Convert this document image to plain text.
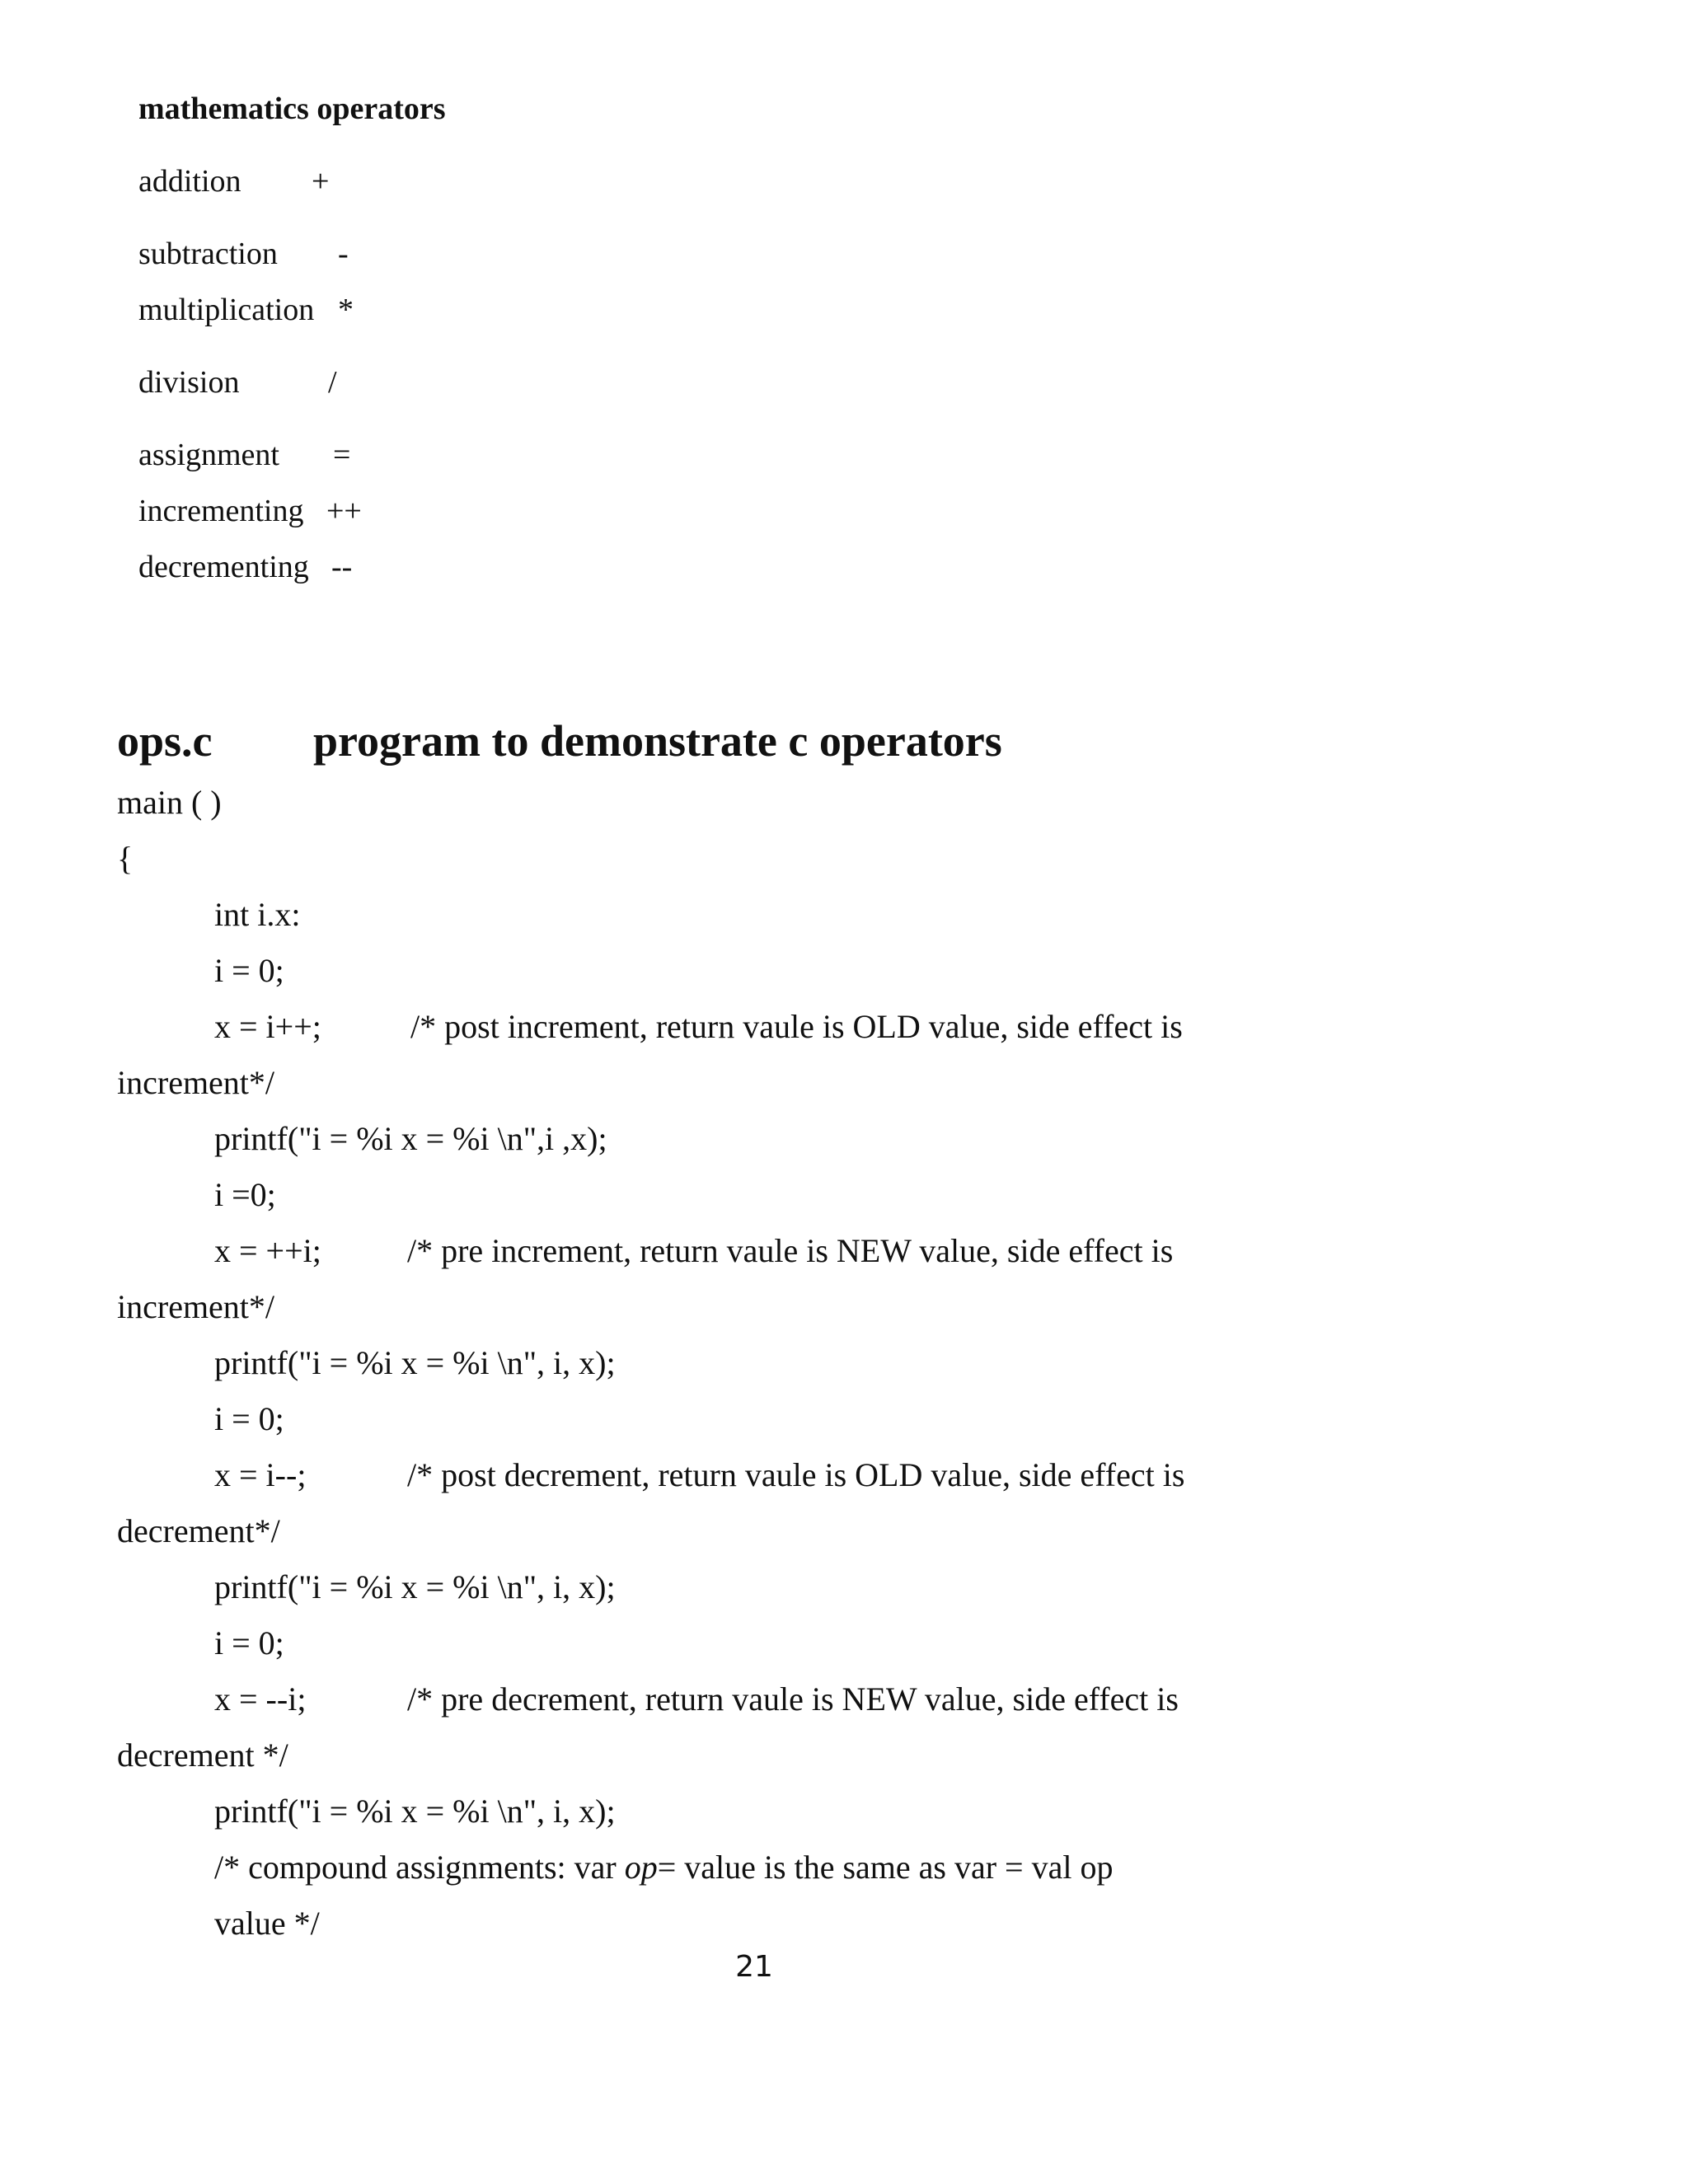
mathematics operators
addition +
subtraction -
multiplication *
division	/
assignment =
incrementing ++
decrementing --
ops.c program to demonstrate c operators
main ( )
{
int i.x:
i = 0;
x = i++;	/* post increment, return vaule is OLD value, side effect is
increment*/
printf("i = %i x = %i \n",i ,x);
i =0;
x = ++i;	/* pre increment, return vaule is NEW value, side effect is
increment*/
printf("i = %i x = %i \n", i, x);
i = 0;
x = i--;	/* post decrement, return vaule is OLD value, side effect is
decrement*/
printf("i = %i x = %i \n", i, x);
i = 0;
x = --i;	/* pre decrement, return vaule is NEW value, side effect is
decrement */
printf("i = %i x = %i \n", i, x);
/* compound assignments: var op= value is the same as var = val op
value */
21
